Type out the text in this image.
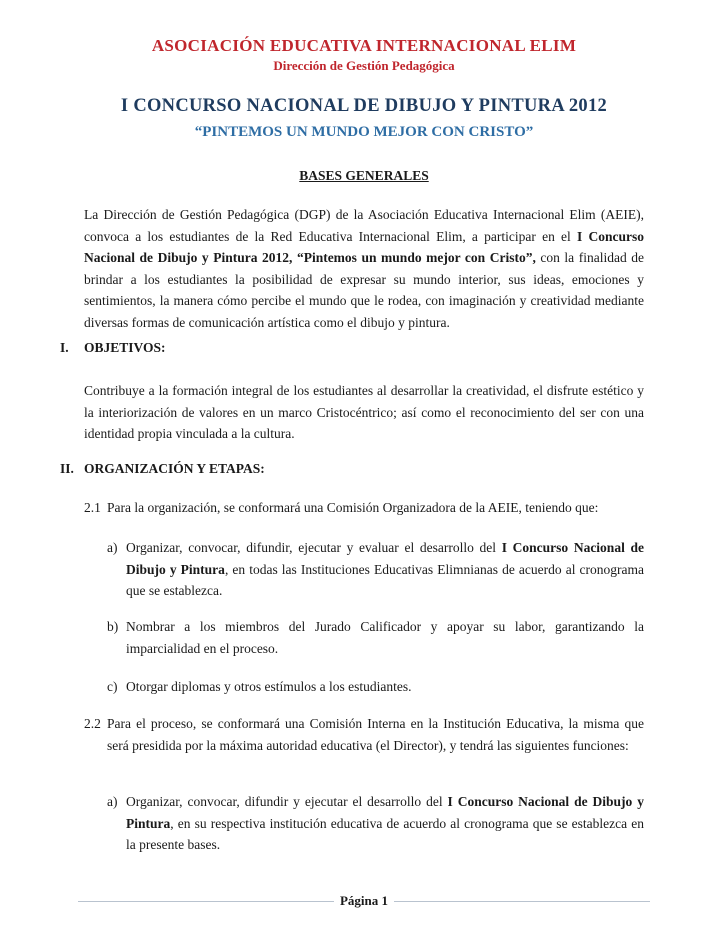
ASOCIACIÓN EDUCATIVA INTERNACIONAL ELIM
Dirección de Gestión Pedagógica
I CONCURSO NACIONAL DE DIBUJO Y PINTURA 2012
“PINTEMOS UN MUNDO MEJOR CON CRISTO”
BASES GENERALES
La Dirección de Gestión Pedagógica (DGP) de la Asociación Educativa Internacional Elim (AEIE), convoca a los estudiantes de la Red Educativa Internacional Elim, a participar en el I Concurso Nacional de Dibujo y Pintura 2012, “Pintemos un mundo mejor con Cristo”, con la finalidad de brindar a los estudiantes la posibilidad de expresar su mundo interior, sus ideas, emociones y sentimientos, la manera cómo percibe el mundo que le rodea, con imaginación y creatividad mediante diversas formas de comunicación artística como el dibujo y pintura.
I. OBJETIVOS:
Contribuye a la formación integral de los estudiantes al desarrollar la creatividad, el disfrute estético y la interiorización de valores en un marco Cristocéntrico; así como el reconocimiento del ser con una identidad propia vinculada a la cultura.
II. ORGANIZACIÓN Y ETAPAS:
2.1 Para la organización, se conformará una Comisión Organizadora de la AEIE, teniendo que:
a) Organizar, convocar, difundir, ejecutar y evaluar el desarrollo del I Concurso Nacional de Dibujo y Pintura, en todas las Instituciones Educativas Elimnianas de acuerdo al cronograma que se establezca.
b) Nombrar a los miembros del Jurado Calificador y apoyar su labor, garantizando la imparcialidad en el proceso.
c) Otorgar diplomas y otros estímulos a los estudiantes.
2.2 Para el proceso, se conformará una Comisión Interna en la Institución Educativa, la misma que será presidida por la máxima autoridad educativa (el Director), y tendrá las siguientes funciones:
a) Organizar, convocar, difundir y ejecutar el desarrollo del I Concurso Nacional de Dibujo y Pintura, en su respectiva institución educativa de acuerdo al cronograma que se establezca en la presente bases.
Página 1
